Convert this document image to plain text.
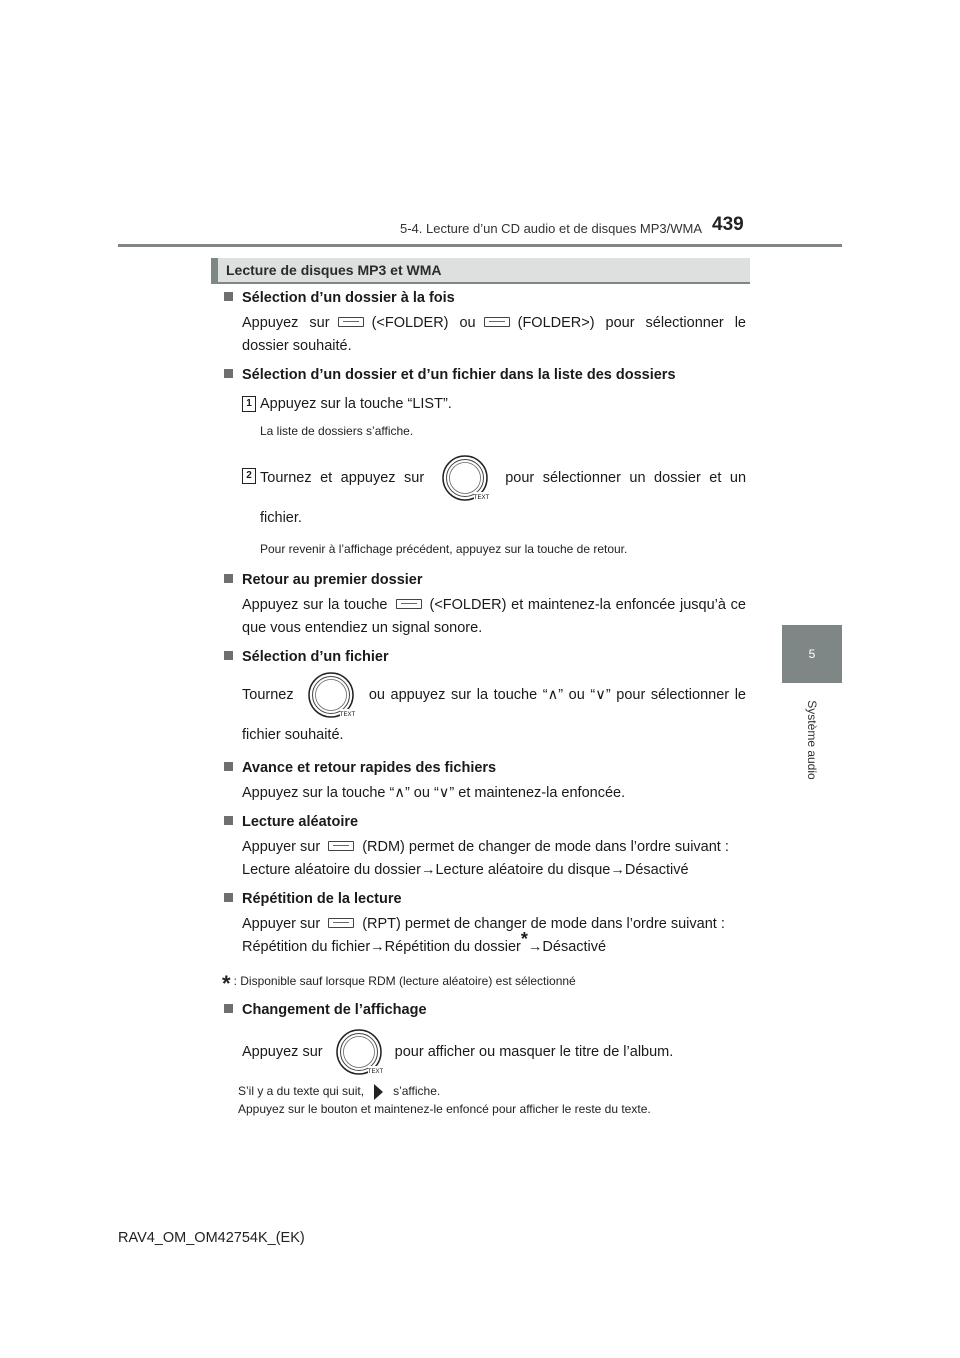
5-4. Lecture d’un CD audio et de disques MP3/WMA 439
5
Système audio
Lecture de disques MP3 et WMA
Sélection d’un dossier à la fois
Appuyez sur	(<FOLDER) ou	(FOLDER>) pour sélectionner le dossier souhaité.
Sélection d’un dossier et d’un fichier dans la liste des dossiers
1 Appuyez sur la touche “LIST”.
La liste de dossiers s’affiche.
2 Tournez et appuyez sur
TEXT
pour sélectionner un dossier et un fichier.
Pour revenir à l’affichage précédent, appuyez sur la touche de retour.
Retour au premier dossier
Appuyez sur la touche	(<FOLDER) et maintenez-la enfoncée jusqu’à ce que vous entendiez un signal sonore.
Sélection d’un fichier
Tournez
TEXT
ou appuyez sur la touche “∧” ou “∨” pour sélectionner le fichier souhaité.
Avance et retour rapides des fichiers
Appuyez sur la touche “∧” ou “∨” et maintenez-la enfoncée.
Lecture aléatoire
Appuyer sur	(RDM) permet de changer de mode dans l’ordre suivant :
Lecture aléatoire du dossier→Lecture aléatoire du disque→Désactivé
Répétition de la lecture
Appuyer sur	(RPT) permet de changer de mode dans l’ordre suivant :
Répétition du fichier→Répétition du dossier*→Désactivé
* : Disponible sauf lorsque RDM (lecture aléatoire) est sélectionné
Changement de l’affichage
Appuyez sur
TEXT
pour afficher ou masquer le titre de l’album.
S’il y a du texte qui suit, s’affiche.
Appuyez sur le bouton et maintenez-le enfoncé pour afficher le reste du texte.
RAV4_OM_OM42754K_(EK)
